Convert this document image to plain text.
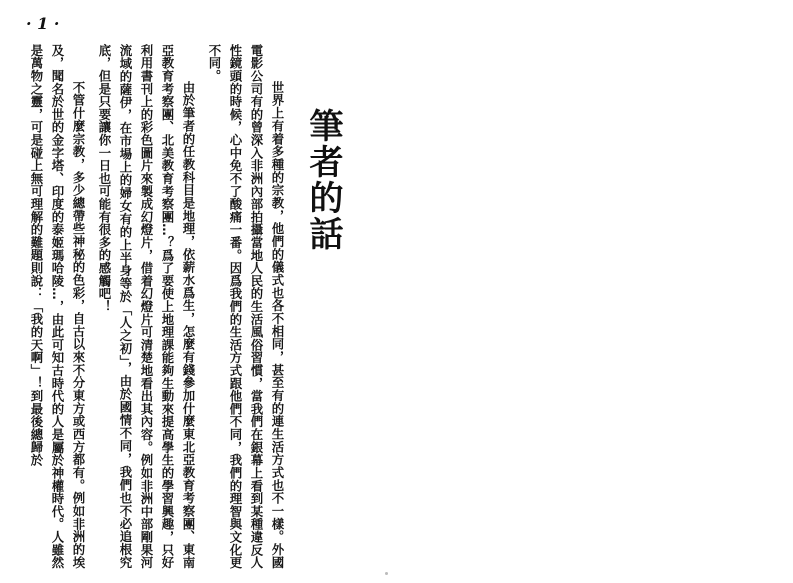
· 1 ·
筆者的話

世界上有着多種的宗教，他們的儀式也各不相同，甚至有的連生活方式也不一樣。外國電影公司有的曾深入非洲內部拍攝當地人民的生活風俗習慣，當我們在銀幕上看到某種違反人性鏡頭的時候，心中免不了酸痛一番。因爲我們的生活方式跟他們不同，我們的理智與文化更不同。

由於筆者的任教科目是地理，依薪水爲生，怎麼有錢參加什麼東北亞教育考察團、東南亞教育考察團、北美教育考察團…？爲了要使上地理課能夠生動來提高學生的學習興趣，只好利用書刊上的彩色圖片來製成幻燈片，借着幻燈片可清楚地看出其內容。例如非洲中部剛果河流域的薩伊，在市場上的婦女有的上半身等於「人之初」，由於國情不同，我們也不必追根究底，但是只要讓你一日也可能有很多的感觸吧！

不管什麼宗教，多少總帶些神秘的色彩，自古以來不分東方或西方都有。例如非洲的埃及，聞名於世的金字塔、印度的泰姬瑪哈陵…，由此可知古時代的人是屬於神權時代。人雖然是萬物之靈，可是碰上無可理解的難題則說：「我的天啊」！到最後總歸於
